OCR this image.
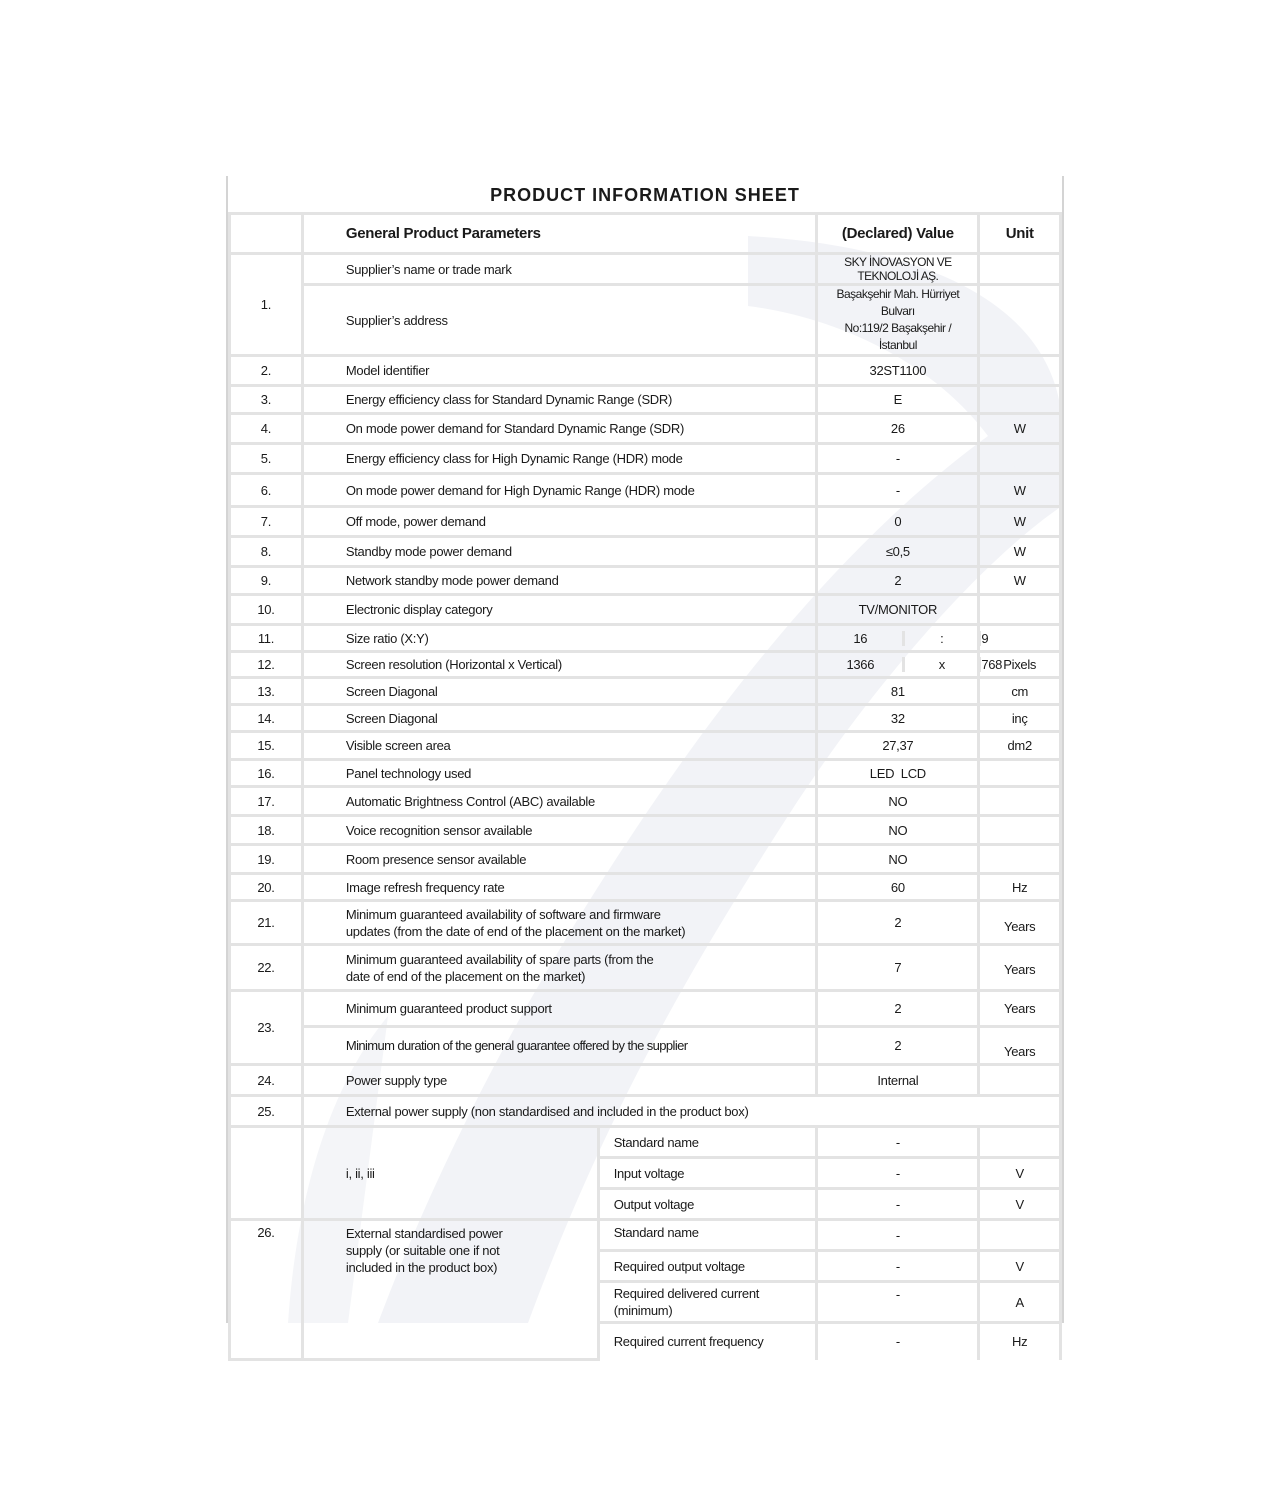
PRODUCT INFORMATION SHEET
	General Product Parameters		(Declared) Value	Unit
1.	Supplier’s name or trade mark		SKY İNOVASYON VE TEKNOLOJİ AŞ.	
	Supplier’s address		Başakşehir Mah. Hürriyet Bulvarı
No:119/2 Başakşehir / İstanbul	

2.	Model identifier		32ST1100	
3.	Energy efficiency class for Standard Dynamic Range (SDR)		E	
4.	On mode power demand for Standard Dynamic Range (SDR)		26	W
5.	Energy efficiency class for High Dynamic Range (HDR) mode		-	
6.	On mode power demand for High Dynamic Range (HDR) mode		-	W
7.	Off mode, power demand		0	W
8.	Standby mode power demand		≤0,5	W
9.	Network standby mode power demand		2	W
10.	Electronic display category		TV/MONITOR	
11.	Size ratio (X:Y)		16 : 9	

12.	Screen resolution (Horizontal x Vertical)		1366 x 768	Pixels
13.	Screen Diagonal		81	cm
14.	Screen Diagonal		32	inç
15.	Visible screen area		27,37	dm2
16.	Panel technology used		LED  LCD	
17.	Automatic Brightness Control (ABC) available		NO	
18.	Voice recognition sensor available		NO	
19.	Room presence sensor available		NO	
20.	Image refresh frequency rate		60	Hz
21.	Minimum guaranteed availability of software and firmware
updates (from the date of end of the placement on the market)		2	Years
22.	Minimum guaranteed availability of spare parts (from the
date of end of the placement on the market)		7	Years
23.	Minimum guaranteed product support		2	Years
	Minimum duration of the general guarantee offered by the supplier		2	Years
24.	Power supply type		Internal	
25.	External power supply (non standardised and included in the product box)			
	i, ii, iii	Standard name	-	
		Input voltage	-	V
		Output voltage	-	V
26.	External standardised power
supply (or suitable one if not
included in the product box)	Standard name	-	
		Required output voltage	-	V

		Required delivered current
(minimum)	-	A
		Required current frequency	-	Hz
